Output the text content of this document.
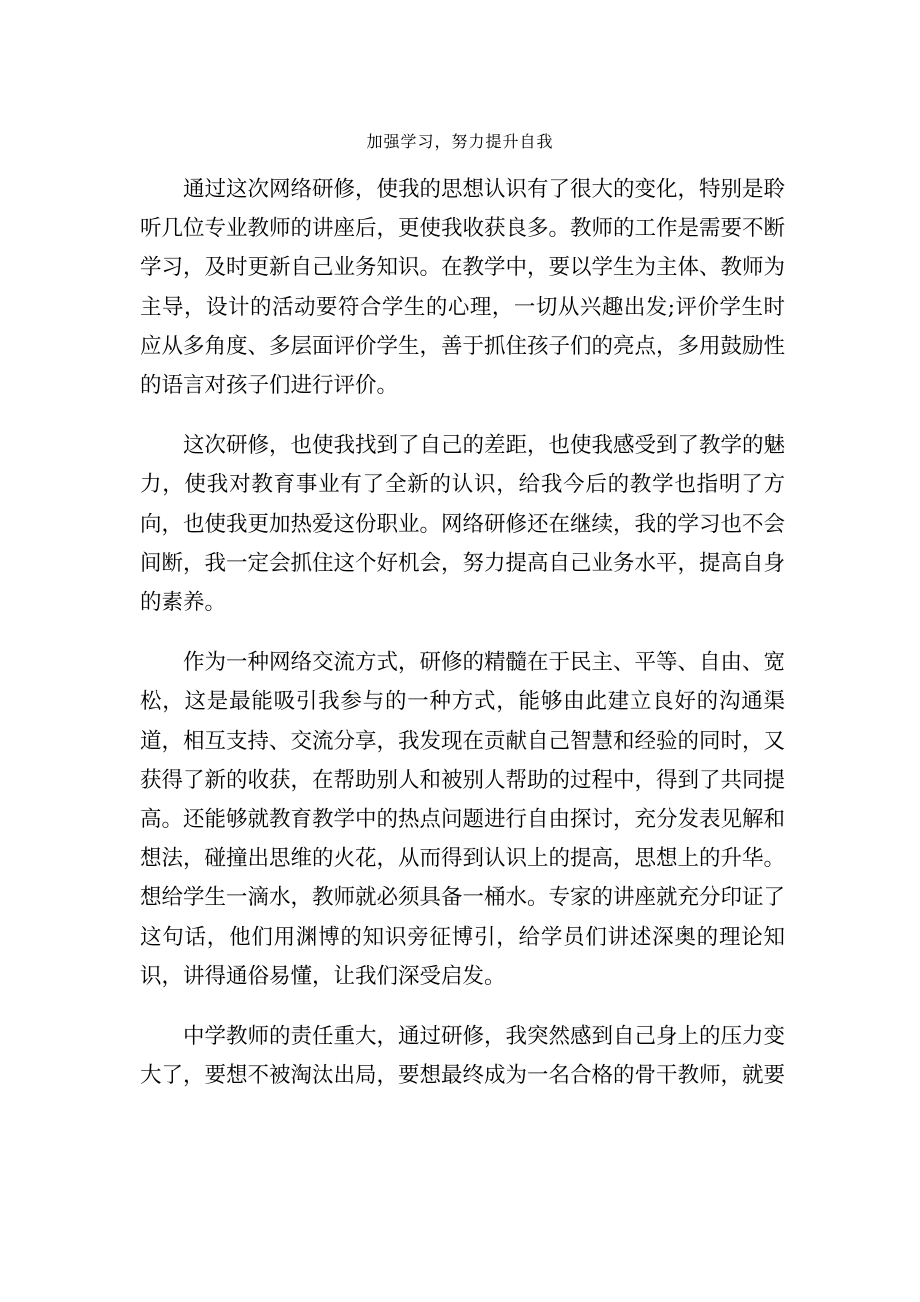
加强学习，努力提升自我

通过这次网络研修，使我的思想认识有了很大的变化，特别是聆听几位专业教师的讲座后，更使我收获良多。教师的工作是需要不断学习，及时更新自己业务知识。在教学中，要以学生为主体、教师为主导，设计的活动要符合学生的心理，一切从兴趣出发;评价学生时应从多角度、多层面评价学生，善于抓住孩子们的亮点，多用鼓励性的语言对孩子们进行评价。

这次研修，也使我找到了自己的差距，也使我感受到了教学的魅力，使我对教育事业有了全新的认识，给我今后的教学也指明了方向，也使我更加热爱这份职业。网络研修还在继续，我的学习也不会间断，我一定会抓住这个好机会，努力提高自己业务水平，提高自身的素养。

作为一种网络交流方式，研修的精髓在于民主、平等、自由、宽松，这是最能吸引我参与的一种方式，能够由此建立良好的沟通渠道，相互支持、交流分享，我发现在贡献自己智慧和经验的同时，又获得了新的收获，在帮助别人和被别人帮助的过程中，得到了共同提高。还能够就教育教学中的热点问题进行自由探讨，充分发表见解和想法，碰撞出思维的火花，从而得到认识上的提高，思想上的升华。想给学生一滴水，教师就必须具备一桶水。专家的讲座就充分印证了这句话，他们用渊博的知识旁征博引，给学员们讲述深奥的理论知识，讲得通俗易懂，让我们深受启发。

中学教师的责任重大，通过研修，我突然感到自己身上的压力变大了，要想不被淘汰出局，要想最终成为一名合格的骨干教师，就要
